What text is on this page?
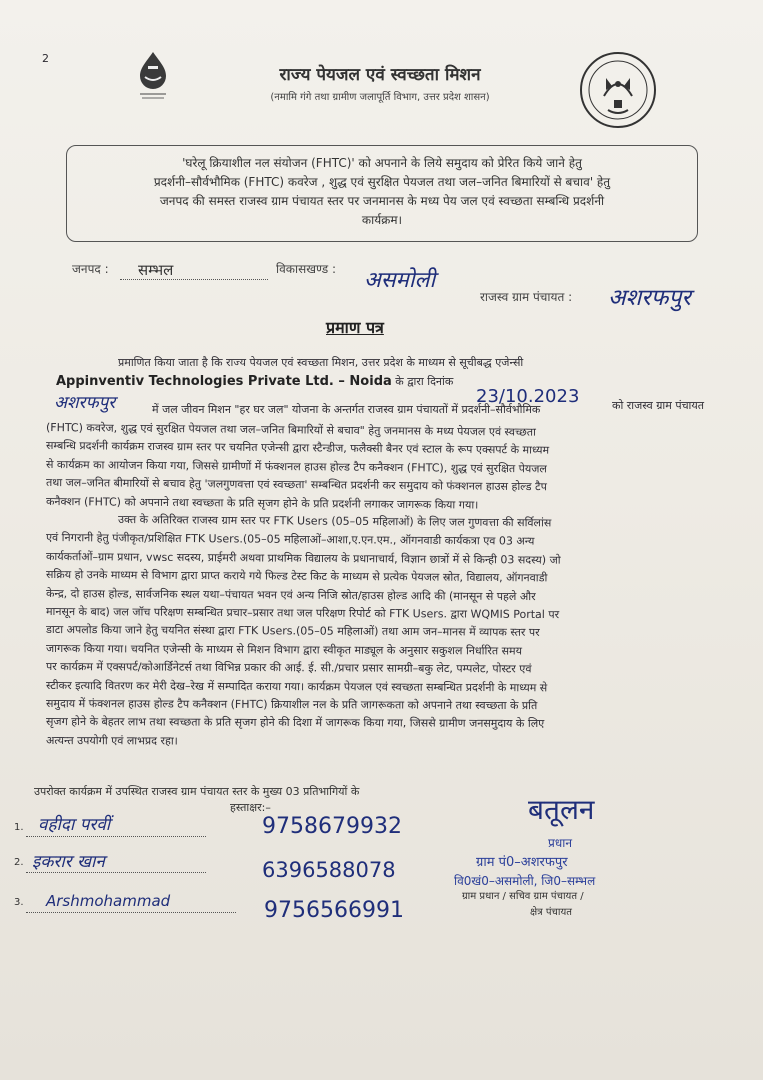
2
राज्य पेयजल एवं स्वच्छता मिशन
(नमामि गंगे तथा ग्रामीण जलापूर्ति विभाग, उत्तर प्रदेश शासन)
'घरेलू क्रियाशील नल संयोजन (FHTC)' को अपनाने के लिये समुदाय को प्रेरित किये जाने हेतु
प्रदर्शनी–सौर्वभौमिक (FHTC) कवरेज , शुद्ध एवं सुरक्षित पेयजल तथा जल–जनित बिमारियों से बचाव' हेतु
जनपद की समस्त राजस्व ग्राम पंचायत स्तर पर जनमानस के मध्य पेय जल एवं स्वच्छता सम्बन्धि प्रदर्शनी
कार्यक्रम।
जनपद : सम्भल	विकासखण्ड : असमोली
राजस्व ग्राम पंचायत : अशरफपुर
प्रमाण पत्र
प्रमाणित किया जाता है कि राज्य पेयजल एवं स्वच्छता मिशन, उत्तर प्रदेश के माध्यम से सूचीबद्ध एजेन्सी
Appinventiv Technologies Private Ltd. – Noida के द्वारा दिनांक
23/10.2023	को राजस्व ग्राम पंचायत
अशरफपुर	में जल जीवन मिशन "हर घर जल" योजना के अन्तर्गत राजस्व ग्राम पंचायतों में प्रदर्शनी–सौर्वभौमिक
(FHTC) कवरेज, शुद्ध एवं सुरक्षित पेयजल तथा जल–जनित बिमारियों से बचाव" हेतु जनमानस के मध्य पेयजल एवं स्वच्छता
सम्बन्धि प्रदर्शनी कार्यक्रम राजस्व ग्राम स्तर पर चयनित एजेन्सी द्वारा स्टैन्डीज, फलैक्सी बैनर एवं स्टाल के रूप एक्सपर्ट के माध्यम
से कार्यक्रम का आयोजन किया गया, जिससे ग्रामीणों में फंक्शनल हाउस होल्ड टैप कनैक्शन (FHTC), शुद्ध एवं सुरक्षित पेयजल
तथा जल–जनित बीमारियों से बचाव हेतु 'जलगुणवत्ता एवं स्वच्छता' सम्बन्धित प्रदर्शनी कर समुदाय को फंक्शनल हाउस होल्ड टैप
कनैक्शन (FHTC) को अपनाने तथा स्वच्छता के प्रति सृजग होने के प्रति प्रदर्शनी लगाकर जागरूक किया गया।
उक्त के अतिरिक्त राजस्व ग्राम स्तर पर FTK Users (05–05 महिलाओं) के लिए जल गुणवत्ता की सर्विलांस
एवं निगरानी हेतु पंजीकृत/प्रशिक्षित FTK Users.(05–05 महिलाओं–आशा,ए.एन.एम., ऑगनवाडी कार्यकत्रा एव 03 अन्य
कार्यकर्ताओं–ग्राम प्रधान, vwsc सदस्य, प्राईमरी अथवा प्राथमिक विद्यालय के प्रधानाचार्य, विज्ञान छात्रों में से किन्ही 03 सदस्य) जो
सक्रिय हो उनके माध्यम से विभाग द्वारा प्राप्त कराये गये फिल्ड टेस्ट किट के माध्यम से प्रत्येक पेयजल स्रोत, विद्यालय, ऑगनवाडी
केन्द्र, दो हाउस होल्ड, सार्वजनिक स्थल यथा–पंचायत भवन एवं अन्य निजि स्रोत/हाउस होल्ड आदि की (मानसून से पहले और
मानसून के बाद) जल जॉच परिक्षण सम्बन्धित प्रचार–प्रसार तथा जल परिक्षण रिपोर्ट को FTK Users. द्वारा WQMIS Portal पर
डाटा अपलोड किया जाने हेतु चयनित संस्था द्वारा FTK Users.(05–05 महिलाओं) तथा आम जन–मानस में व्यापक स्तर पर
जागरूक किया गया। चयनित एजेन्सी के माध्यम से मिशन विभाग द्वारा स्वीकृत माड्यूल के अनुसार सकुशल निर्धारित समय
पर कार्यक्रम में एक्सपर्ट/कोआर्डिनेटर्स तथा विभिन्न प्रकार की आई. ई. सी./प्रचार प्रसार सामग्री–बकु लेट, पम्पलेट, पोस्टर एवं
स्टीकर इत्यादि वितरण कर मेरी देख–रेख में सम्पादित कराया गया। कार्यक्रम पेयजल एवं स्वच्छता सम्बन्धित प्रदर्शनी के माध्यम से
समुदाय में फंक्शनल हाउस होल्ड टैप कनैक्शन (FHTC) क्रियाशील नल के प्रति जागरूकता को अपनाने तथा स्वच्छता के प्रति
सृजग होने के बेहतर लाभ तथा स्वच्छता के प्रति सृजग होने की दिशा में जागरूक किया गया, जिससे ग्रामीण जनसमुदाय के लिए
अत्यन्त उपयोगी एवं लाभप्रद रहा।
उपरोक्त कार्यक्रम में उपस्थित राजस्व ग्राम पंचायत स्तर के मुख्य 03 प्रतिभागियों के
हस्ताक्षर:–
1. वहीदा परवीं	9758679932
2. इकरार खान	6396588078
3. Arshmohammad	9756566991
बतूलन
प्रधान
ग्राम पं0–अशरफपुर
वि0खं0–असमोली, जि0–सम्भल
ग्राम प्रधान / सचिव ग्राम पंचायत /
क्षेत्र पंचायत
